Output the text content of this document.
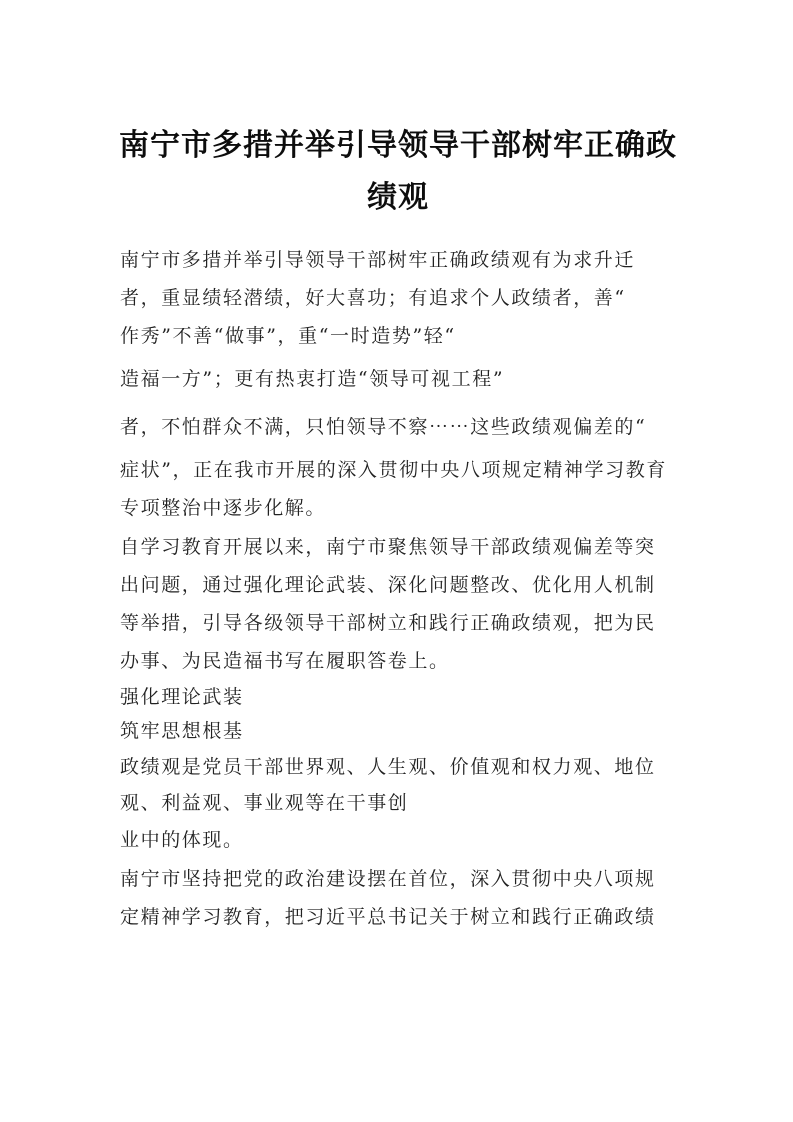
南宁市多措并举引导领导干部树牢正确政
绩观
南宁市多措并举引导领导干部树牢正确政绩观有为求升迁
者，重显绩轻潜绩，好大喜功；有追求个人政绩者，善“
作秀”不善“做事”，重“一时造势”轻“
造福一方”；更有热衷打造“领导可视工程”
者，不怕群众不满，只怕领导不察⋯⋯这些政绩观偏差的“
症状”，正在我市开展的深入贯彻中央八项规定精神学习教育
专项整治中逐步化解。
自学习教育开展以来，南宁市聚焦领导干部政绩观偏差等突
出问题，通过强化理论武装、深化问题整改、优化用人机制
等举措，引导各级领导干部树立和践行正确政绩观，把为民
办事、为民造福书写在履职答卷上。
强化理论武装
筑牢思想根基
政绩观是党员干部世界观、人生观、价值观和权力观、地位
观、利益观、事业观等在干事创
业中的体现。
南宁市坚持把党的政治建设摆在首位，深入贯彻中央八项规
定精神学习教育，把习近平总书记关于树立和践行正确政绩
